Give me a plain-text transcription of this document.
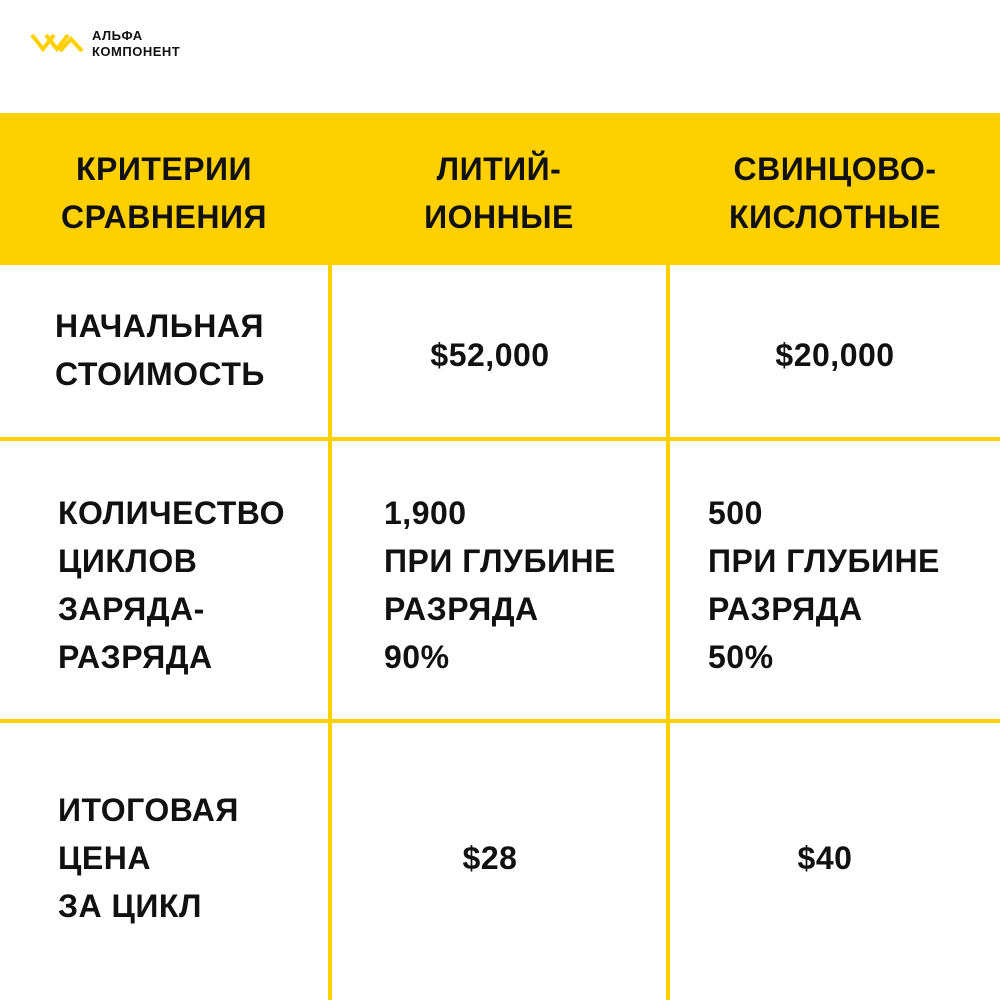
АЛЬФА
КОМПОНЕНТ
КРИТЕРИИ
СРАВНЕНИЯ
ЛИТИЙ-
ИОННЫЕ
СВИНЦОВО-
КИСЛОТНЫЕ
НАЧАЛЬНАЯ
СТОИМОСТЬ
$52,000	$20,000
КОЛИЧЕСТВО
ЦИКЛОВ
ЗАРЯДА-
РАЗРЯДА
1,900
ПРИ ГЛУБИНЕ
РАЗРЯДА
90%
500
ПРИ ГЛУБИНЕ
РАЗРЯДА
50%
ИТОГОВАЯ
ЦЕНА
ЗА ЦИКЛ
$28	$40
